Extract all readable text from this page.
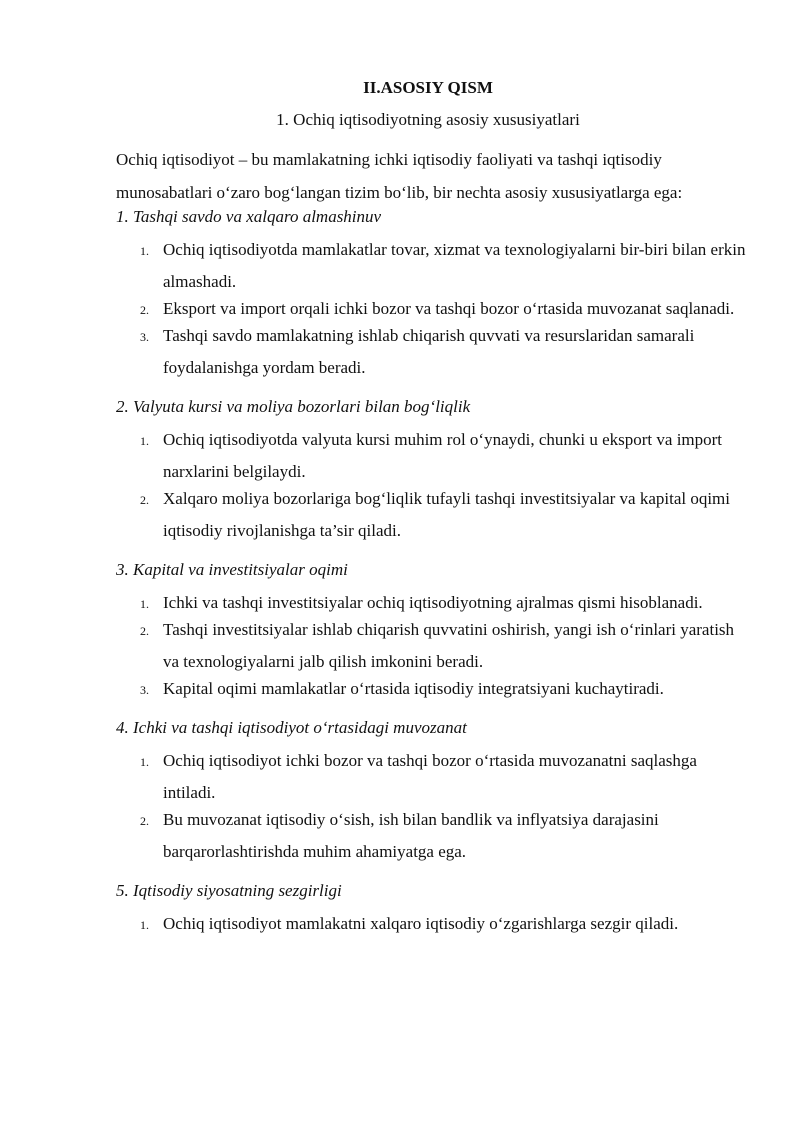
II.ASOSIY QISM
1. Ochiq iqtisodiyotning asosiy xususiyatlari
Ochiq iqtisodiyot – bu mamlakatning ichki iqtisodiy faoliyati va tashqi iqtisodiy munosabatlari o‘zaro bog‘langan tizim bo‘lib, bir nechta asosiy xususiyatlarga ega:
1. Tashqi savdo va xalqaro almashinuv
1. Ochiq iqtisodiyotda mamlakatlar tovar, xizmat va texnologiyalarni bir-biri bilan erkin almashadi.
2. Eksport va import orqali ichki bozor va tashqi bozor o‘rtasida muvozanat saqlanadi.
3. Tashqi savdo mamlakatning ishlab chiqarish quvvati va resurslaridan samarali foydalanishga yordam beradi.
2. Valyuta kursi va moliya bozorlari bilan bog‘liqlik
1. Ochiq iqtisodiyotda valyuta kursi muhim rol o‘ynaydi, chunki u eksport va import narxlarini belgilaydi.
2. Xalqaro moliya bozorlariga bog‘liqlik tufayli tashqi investitsiyalar va kapital oqimi iqtisodiy rivojlanishga ta’sir qiladi.
3. Kapital va investitsiyalar oqimi
1. Ichki va tashqi investitsiyalar ochiq iqtisodiyotning ajralmas qismi hisoblanadi.
2. Tashqi investitsiyalar ishlab chiqarish quvvatini oshirish, yangi ish o‘rinlari yaratish va texnologiyalarni jalb qilish imkonini beradi.
3. Kapital oqimi mamlakatlar o‘rtasida iqtisodiy integratsiyani kuchaytiradi.
4. Ichki va tashqi iqtisodiyot o‘rtasidagi muvozanat
1. Ochiq iqtisodiyot ichki bozor va tashqi bozor o‘rtasida muvozanatni saqlashga intiladi.
2. Bu muvozanat iqtisodiy o‘sish, ish bilan bandlik va inflyatsiya darajasini barqarorlashtirishda muhim ahamiyatga ega.
5. Iqtisodiy siyosatning sezgirligi
1. Ochiq iqtisodiyot mamlakatni xalqaro iqtisodiy o‘zgarishlarga sezgir qiladi.
